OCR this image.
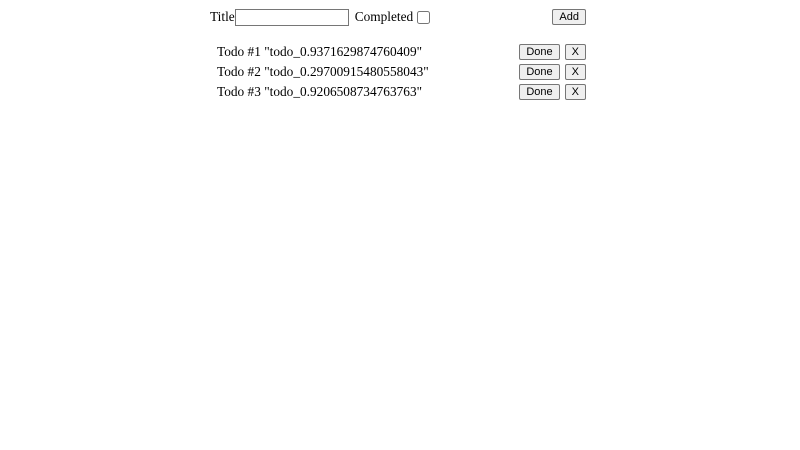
Title	Completed	Add
Todo #1 "todo_0.9371629874760409"	Done	X
Todo #2 "todo_0.29700915480558043"	Done	X
Todo #3 "todo_0.9206508734763763"	Done	X
